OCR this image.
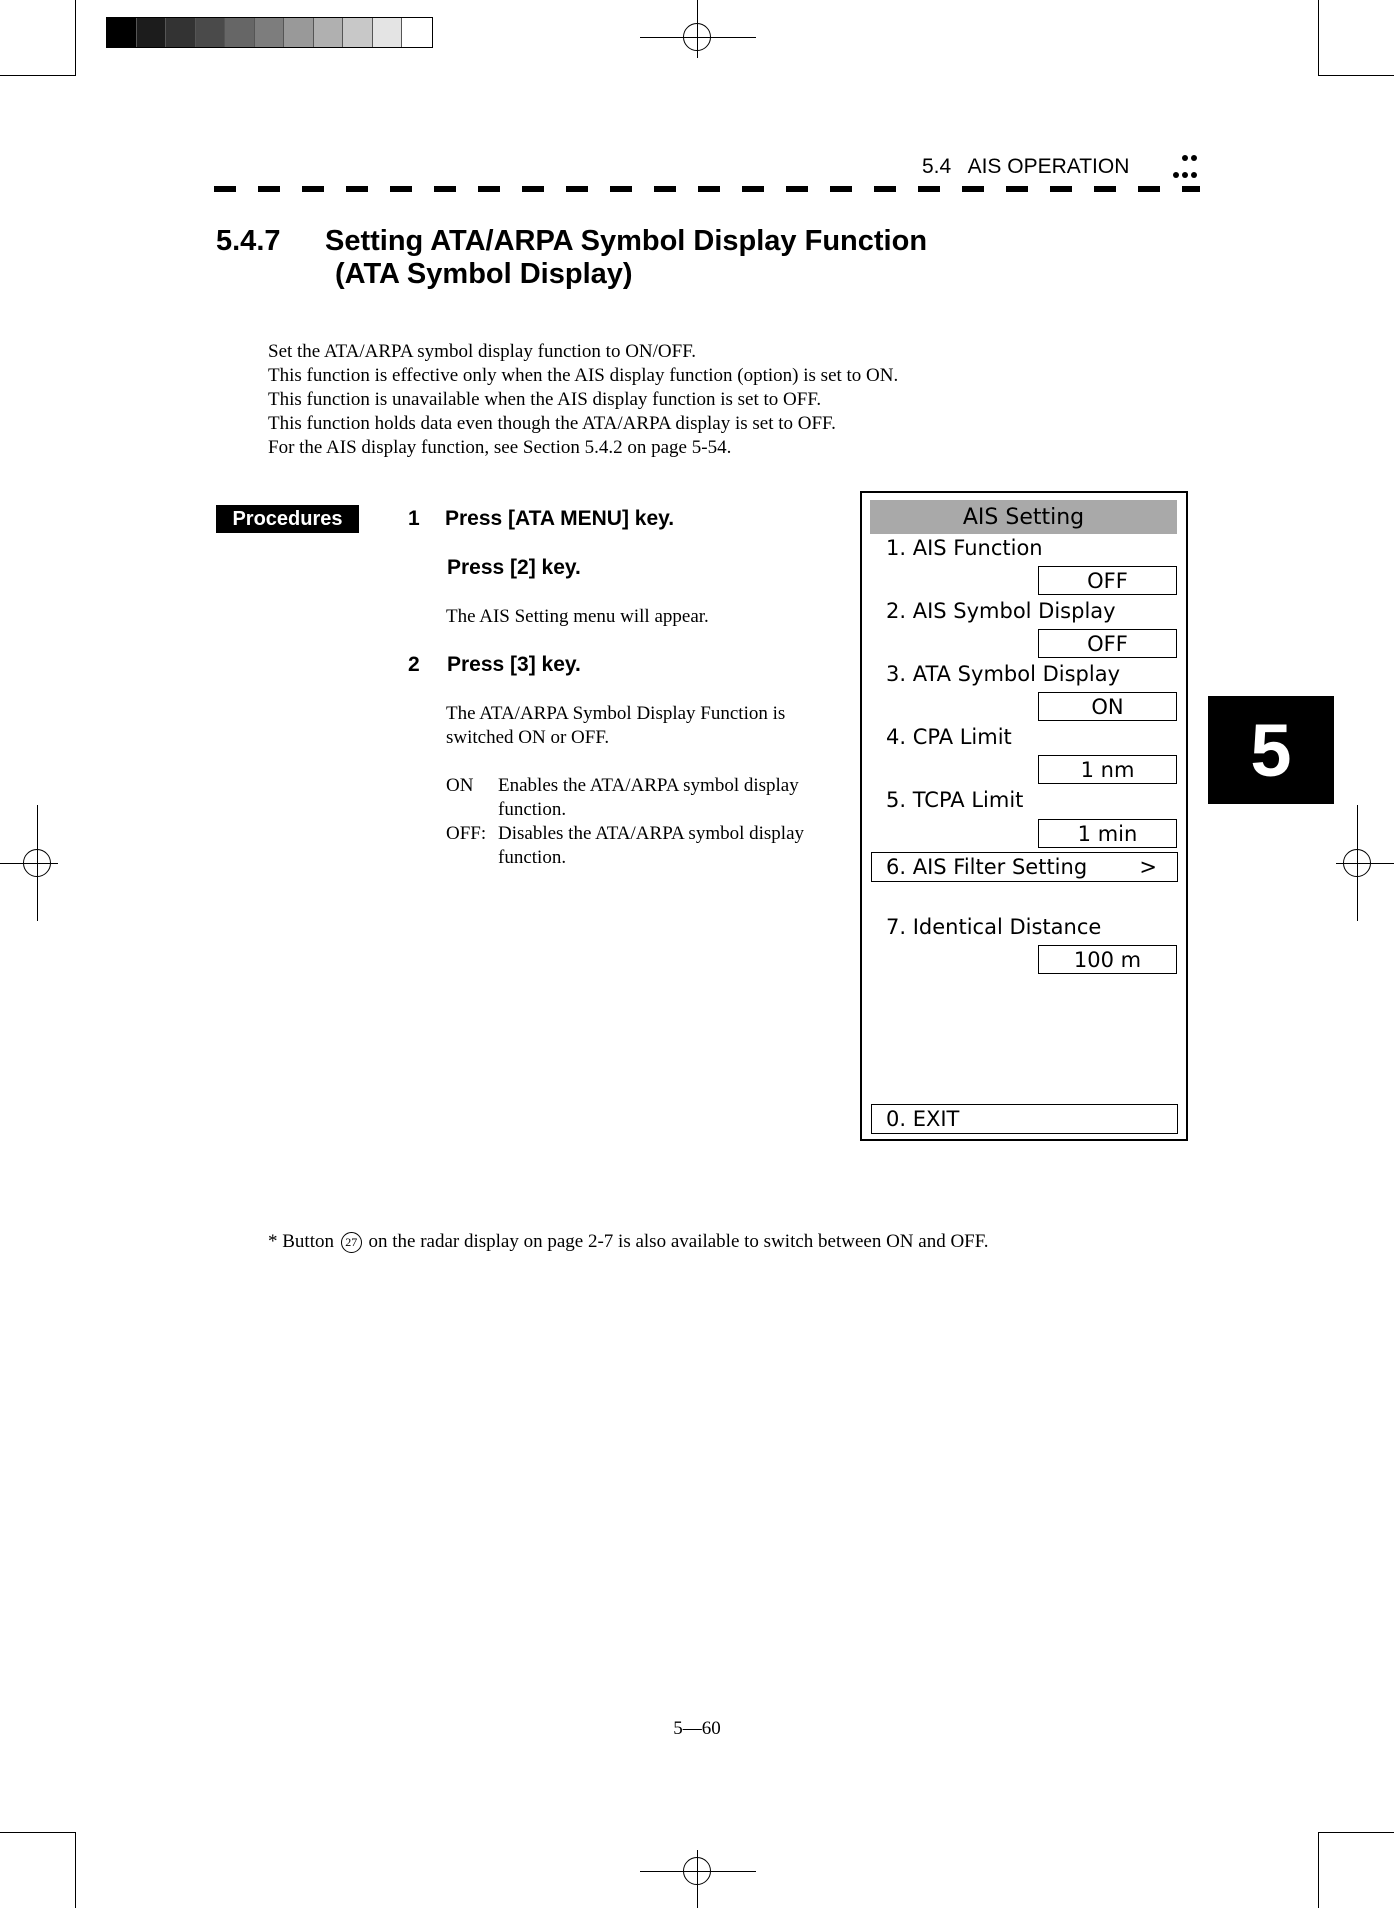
5.4 AIS OPERATION
5.4.7 Setting ATA/ARPA Symbol Display Function
(ATA Symbol Display)

Set the ATA/ARPA symbol display function to ON/OFF.

This function is effective only when the AIS display function (option) is set to ON.

This function is unavailable when the AIS display function is set to OFF.

This function holds data even though the ATA/ARPA display is set to OFF.

For the AIS display function, see Section 5.4.2 on page 5-54.

Procedures	1 Press [ATA MENU] key.
Press [2] key.
The AIS Setting menu will appear.
2 Press [3] key.
The ATA/ARPA Symbol Display Function is
switched ON or OFF.
ON Enables the ATA/ARPA symbol display
function.
OFF: Disables the ATA/ARPA symbol display
function.
AIS Setting
1. AIS Function
OFF
2. AIS Symbol Display
OFF
3. ATA Symbol Display
ON
4. CPA Limit
1 nm
5. TCPA Limit
1 min
6. AIS Filter Setting >
7. Identical Distance
100 m
0. EXIT
5
* Button 27 on the radar display on page 2-7 is also available to switch between ON and OFF.
5—60
